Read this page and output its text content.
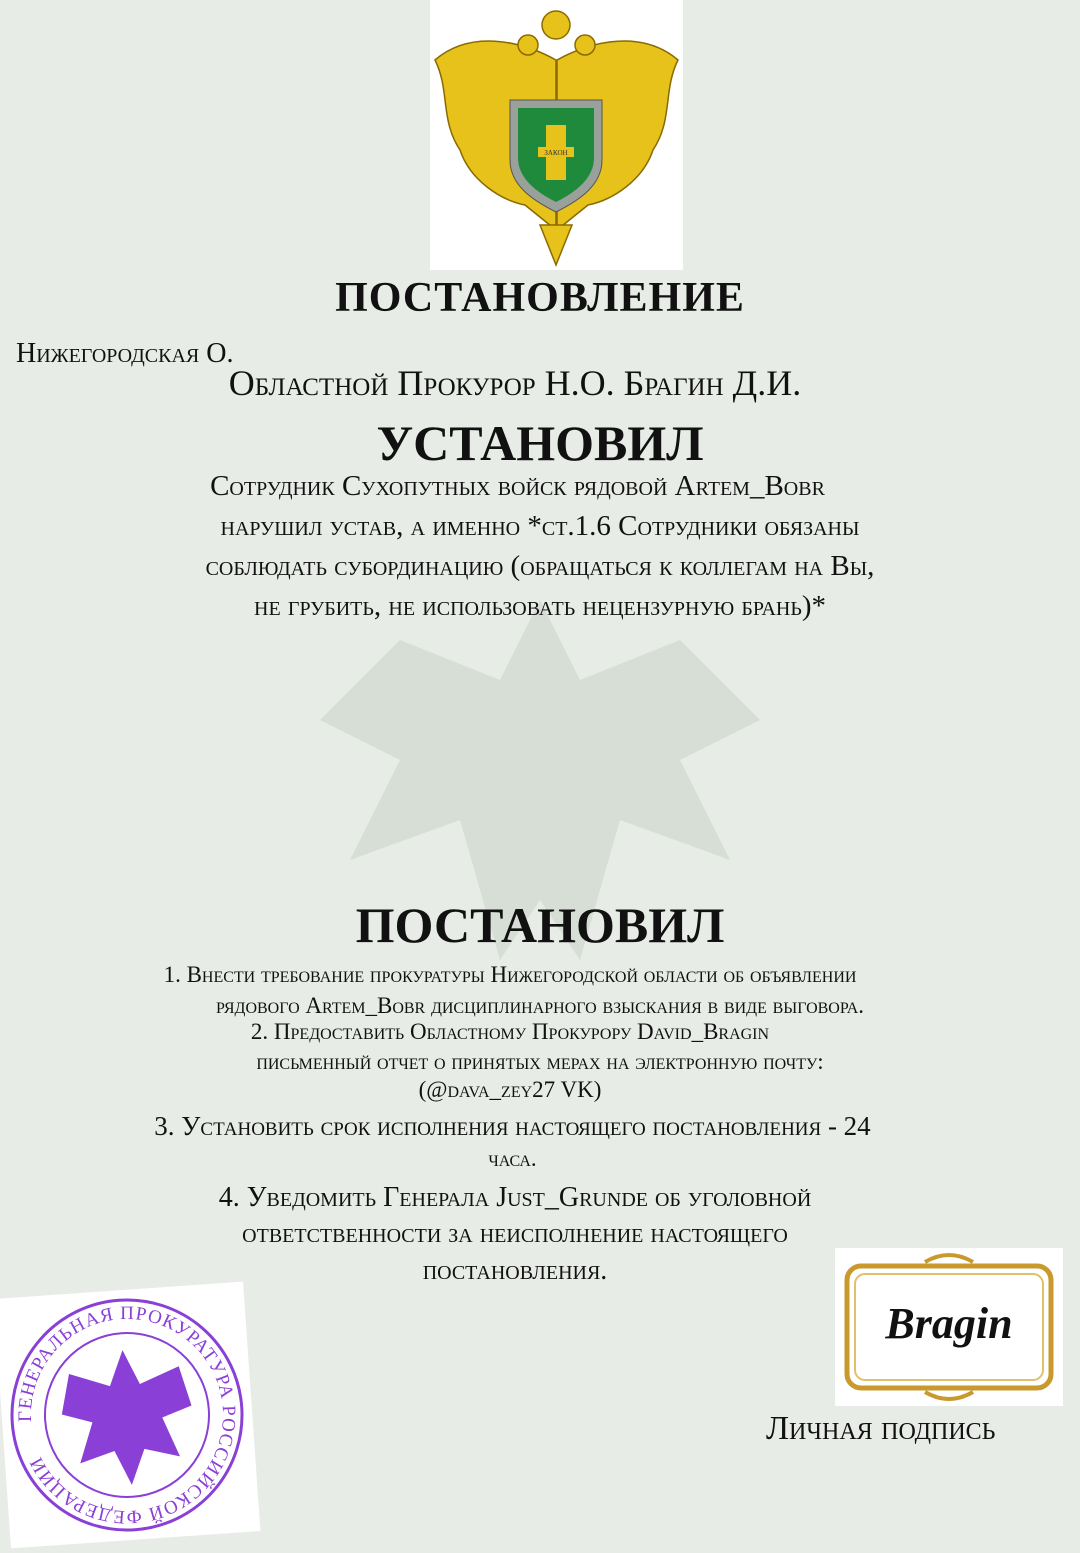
ЗАКОН
ПОСТАНОВЛЕНИЕ
Нижегородская О.
Областной Прокурор Н.О. Брагин Д.И.
УСТАНОВИЛ
Сотрудник Сухопутных войск рядовой Artem_Bobr
нарушил устав, а именно *ст.1.6 Сотрудники обязаны
соблюдать субординацию (обращаться к коллегам на Вы,
не грубить, не использовать нецензурную брань)*
ПОСТАНОВИЛ
1. Внести требование прокуратуры Нижегородской области об объявлении
рядового Artem_Bobr дисциплинарного взыскания в виде выговора.
2. Предоставить Областному Прокурору David_Bragin
письменный отчет о принятых мерах на электронную почту:
(@dava_zey27 VK)
3. Установить срок исполнения настоящего постановления - 24
часа.
4. Уведомить Генерала Just_Grunde об уголовной
ответственности за неисполнение настоящего
постановления.
ГЕНЕРАЛЬНАЯ ПРОКУРАТУРА РОССИЙСКОЙ ФЕДЕРАЦИИ
Bragin
Личная подпись
